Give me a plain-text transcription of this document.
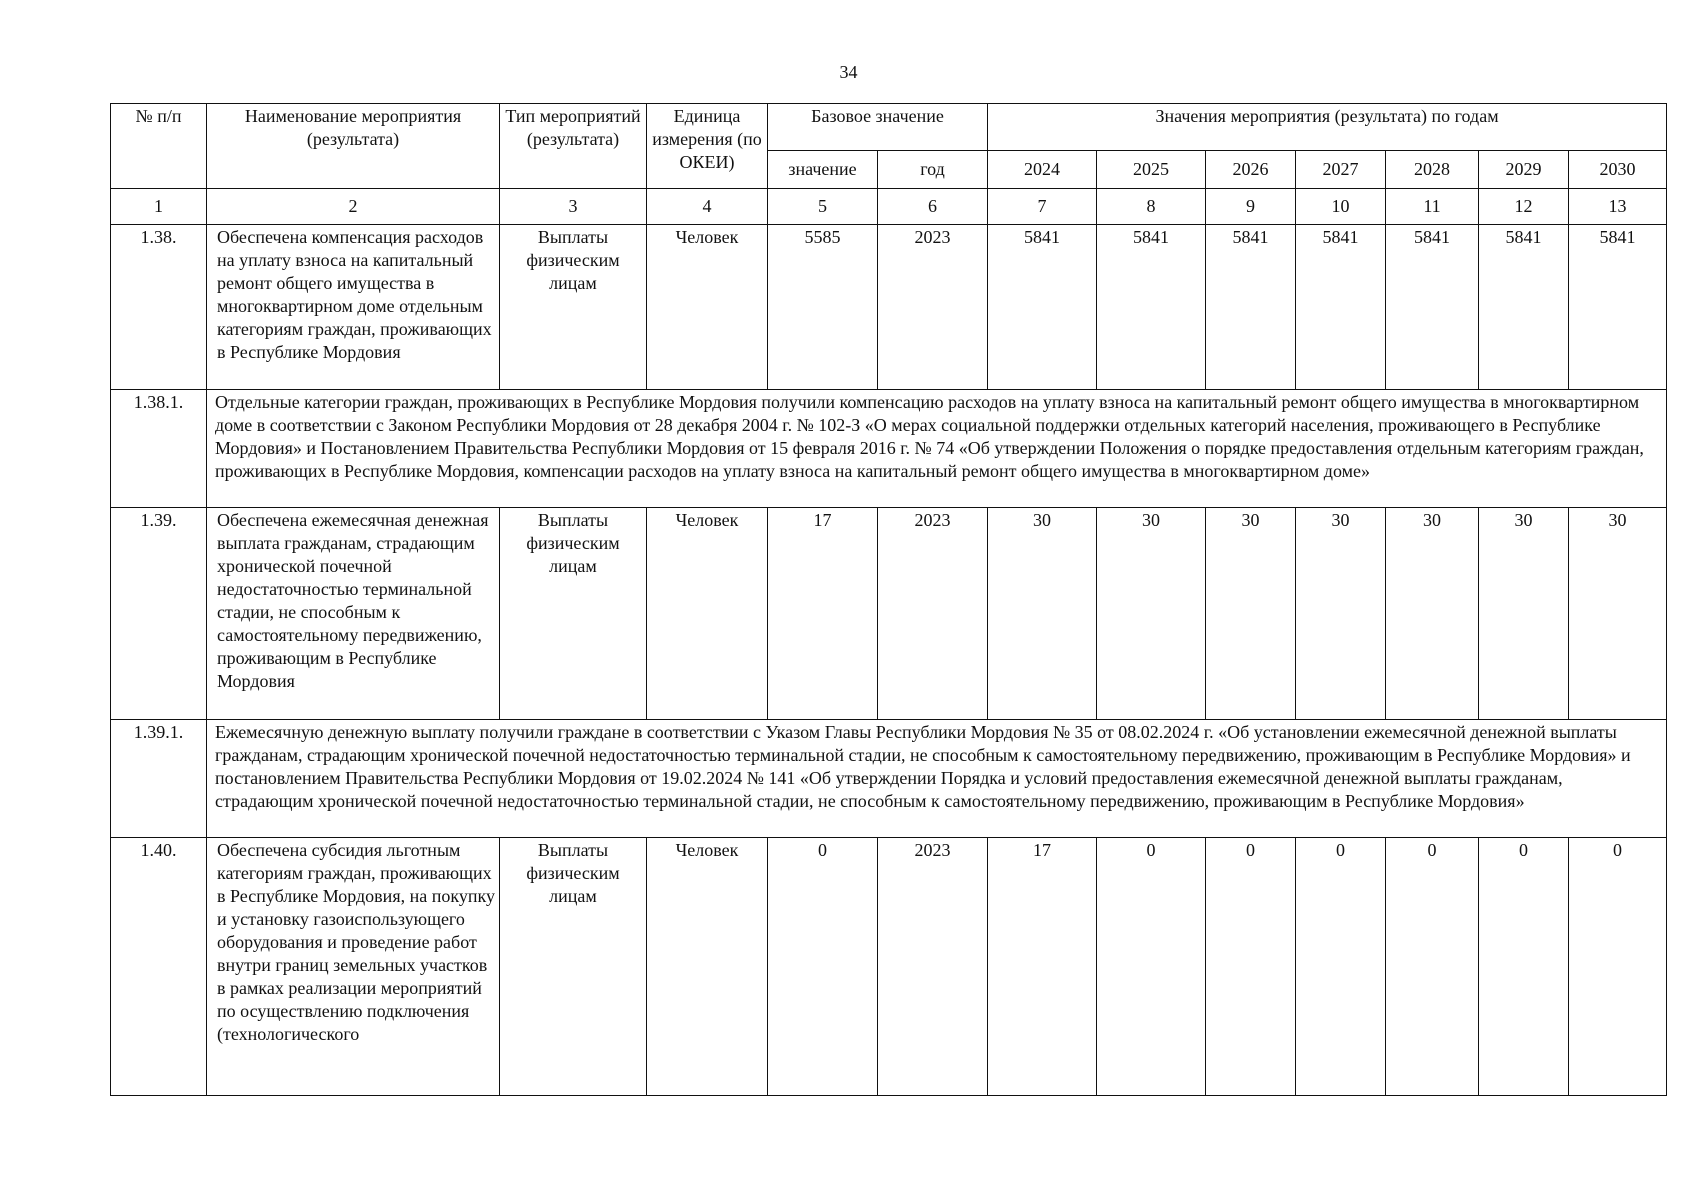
34
№ п/п	Наименование мероприятия (результата)	Тип мероприятий (результата)	Единица измерения (по ОКЕИ)	Базовое значение		Значения мероприятия (результата) по годам						
				значение	год	2024	2025	2026	2027	2028	2029	2030
1	2	3	4	5	6	7	8	9	10	11	12	13
1.38.	Обеспечена компенсация расходов на уплату взноса на капитальный ремонт общего имущества в многоквартирном доме отдельным категориям граждан, проживающих в Республике Мордовия	Выплаты физическим лицам	Человек	5585	2023	5841	5841	5841	5841	5841	5841	5841
1.38.1.	Отдельные категории граждан, проживающих в Республике Мордовия получили компенсацию расходов на уплату взноса на капитальный ремонт общего имущества в многоквартирном доме в соответствии с Законом Республики Мордовия от 28 декабря 2004 г. № 102-З «О мерах социальной поддержки отдельных категорий населения, проживающего в Республике Мордовия» и Постановлением Правительства Республики Мордовия от 15 февраля 2016 г. № 74 «Об утверждении Положения о порядке предоставления отдельным категориям граждан, проживающих в Республике Мордовия, компенсации расходов на уплату взноса на капитальный ремонт общего имущества в многоквартирном доме»											
1.39.	Обеспечена ежемесячная денежная выплата гражданам, страдающим хронической почечной недостаточностью терминальной стадии, не способным к самостоятельному передвижению, проживающим в Республике Мордовия	Выплаты физическим лицам	Человек	17	2023	30	30	30	30	30	30	30
1.39.1.	Ежемесячную денежную выплату получили граждане в соответствии с Указом Главы Республики Мордовия № 35 от 08.02.2024 г. «Об установлении ежемесячной денежной выплаты гражданам, страдающим хронической почечной недостаточностью терминальной стадии, не способным к самостоятельному передвижению, проживающим в Республике Мордовия» и постановлением Правительства Республики Мордовия от 19.02.2024 № 141 «Об утверждении Порядка и условий предоставления ежемесячной денежной выплаты гражданам, страдающим хронической почечной недостаточностью терминальной стадии, не способным к самостоятельному передвижению, проживающим в Республике Мордовия»											
1.40.	Обеспечена субсидия льготным категориям граждан, проживающих в Республике Мордовия, на покупку и установку газоиспользующего оборудования и проведение работ внутри границ земельных участков в рамках реализации мероприятий по осуществлению подключения (технологического	Выплаты физическим лицам	Человек	0	2023	17	0	0	0	0	0	0
